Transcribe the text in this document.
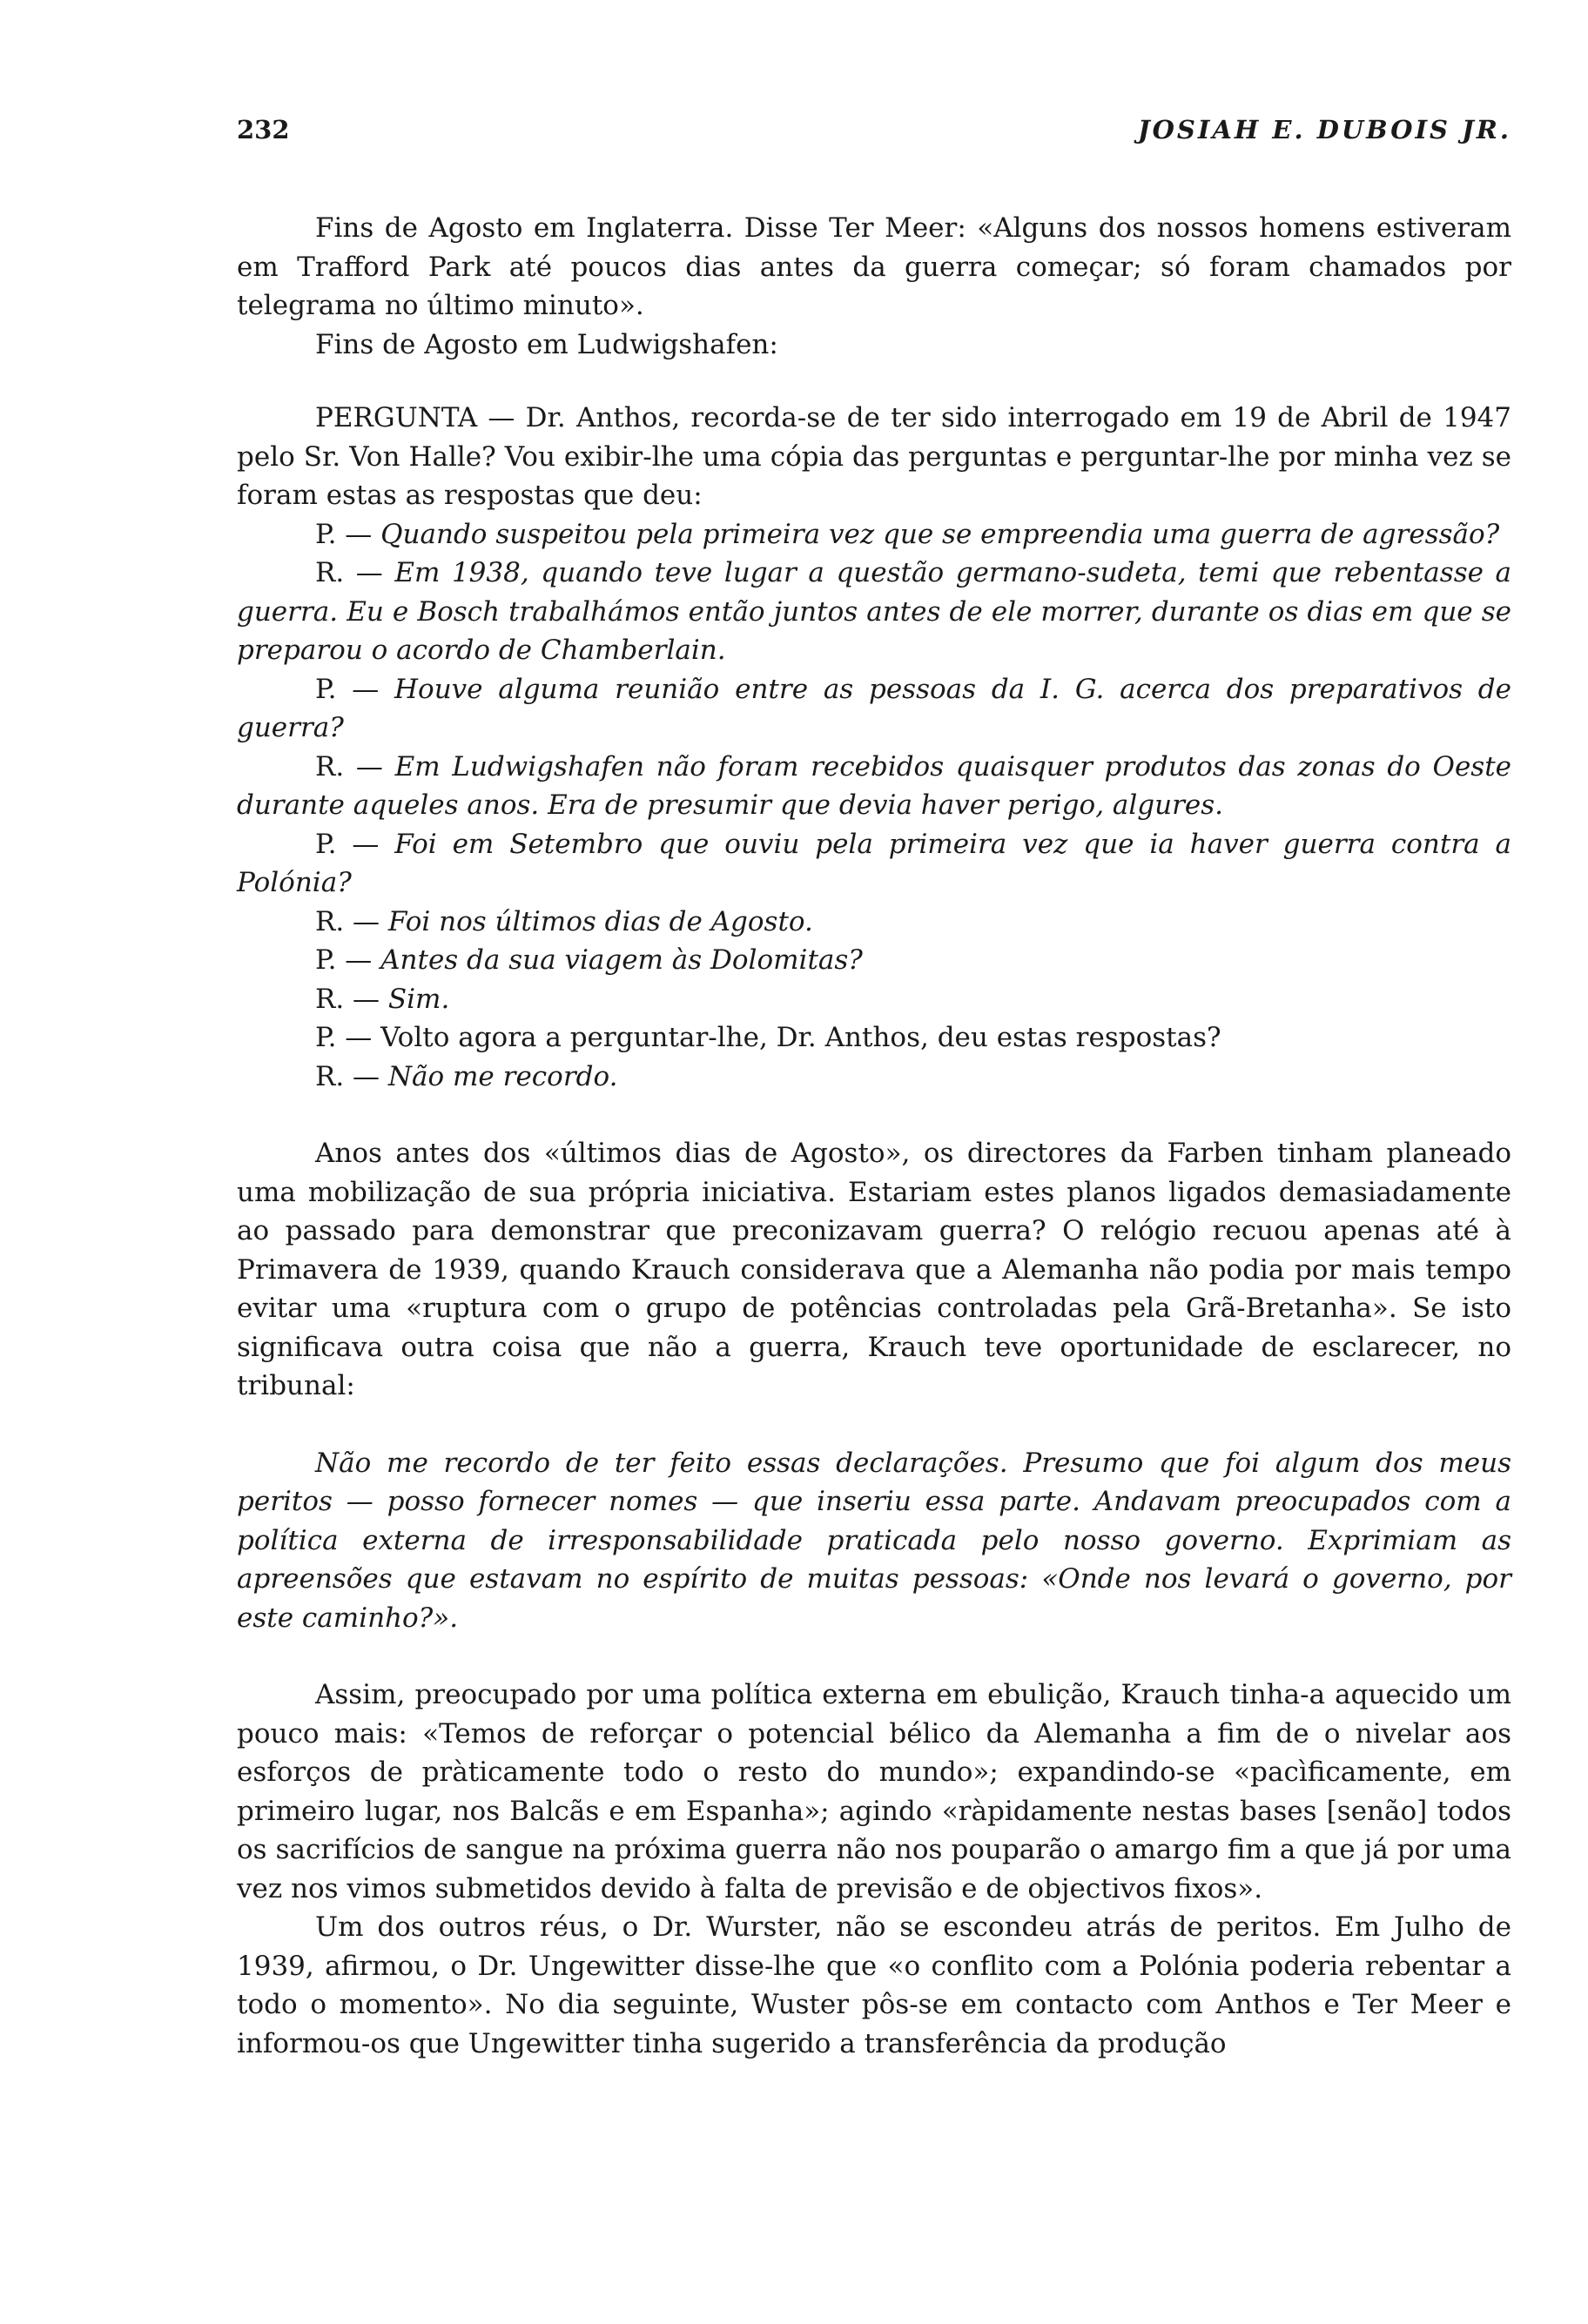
232	JOSIAH E. DUBOIS JR.

Fins de Agosto em Inglaterra. Disse Ter Meer: «Alguns dos nossos homens estiveram em Trafford Park até poucos dias antes da guerra começar; só foram chamados por telegrama no último minuto».

Fins de Agosto em Ludwigshafen:

PERGUNTA — Dr. Anthos, recorda-se de ter sido interrogado em 19 de Abril de 1947 pelo Sr. Von Halle? Vou exibir-lhe uma cópia das perguntas e perguntar-lhe por minha vez se foram estas as respostas que deu:

P. — Quando suspeitou pela primeira vez que se empreendia uma guerra de agressão?

R. — Em 1938, quando teve lugar a questão germano-sudeta, temi que rebentasse a guerra. Eu e Bosch trabalhámos então juntos antes de ele morrer, durante os dias em que se preparou o acordo de Chamberlain.

P. — Houve alguma reunião entre as pessoas da I. G. acerca dos preparativos de guerra?

R. — Em Ludwigshafen não foram recebidos quaisquer produtos das zonas do Oeste durante aqueles anos. Era de presumir que devia haver perigo, algures.

P. — Foi em Setembro que ouviu pela primeira vez que ia haver guerra contra a Polónia?

R. — Foi nos últimos dias de Agosto.

P. — Antes da sua viagem às Dolomitas?

R. — Sim.

P. — Volto agora a perguntar-lhe, Dr. Anthos, deu estas respostas?

R. — Não me recordo.

Anos antes dos «últimos dias de Agosto», os directores da Farben tinham planeado uma mobilização de sua própria iniciativa. Estariam estes planos ligados demasiadamente ao passado para demonstrar que preconizavam guerra? O relógio recuou apenas até à Primavera de 1939, quando Krauch considerava que a Alemanha não podia por mais tempo evitar uma «ruptura com o grupo de potências controladas pela Grã-Bretanha». Se isto significava outra coisa que não a guerra, Krauch teve oportunidade de esclarecer, no tribunal:

Não me recordo de ter feito essas declarações. Presumo que foi algum dos meus peritos — posso fornecer nomes — que inseriu essa parte. Andavam preocupados com a política externa de irresponsabilidade praticada pelo nosso governo. Exprimiam as apreensões que estavam no espírito de muitas pessoas: «Onde nos levará o governo, por este caminho?».

Assim, preocupado por uma política externa em ebulição, Krauch tinha-a aquecido um pouco mais: «Temos de reforçar o potencial bélico da Alemanha a fim de o nivelar aos esforços de pràticamente todo o resto do mundo»; expandindo-se «pacìficamente, em primeiro lugar, nos Balcãs e em Espanha»; agindo «ràpidamente nestas bases [senão] todos os sacrifícios de sangue na próxima guerra não nos pouparão o amargo fim a que já por uma vez nos vimos submetidos devido à falta de previsão e de objectivos fixos».

Um dos outros réus, o Dr. Wurster, não se escondeu atrás de peritos. Em Julho de 1939, afirmou, o Dr. Ungewitter disse-lhe que «o conflito com a Polónia poderia rebentar a todo o momento». No dia seguinte, Wuster pôs-se em contacto com Anthos e Ter Meer e informou-os que Ungewitter tinha sugerido a transferência da produção
